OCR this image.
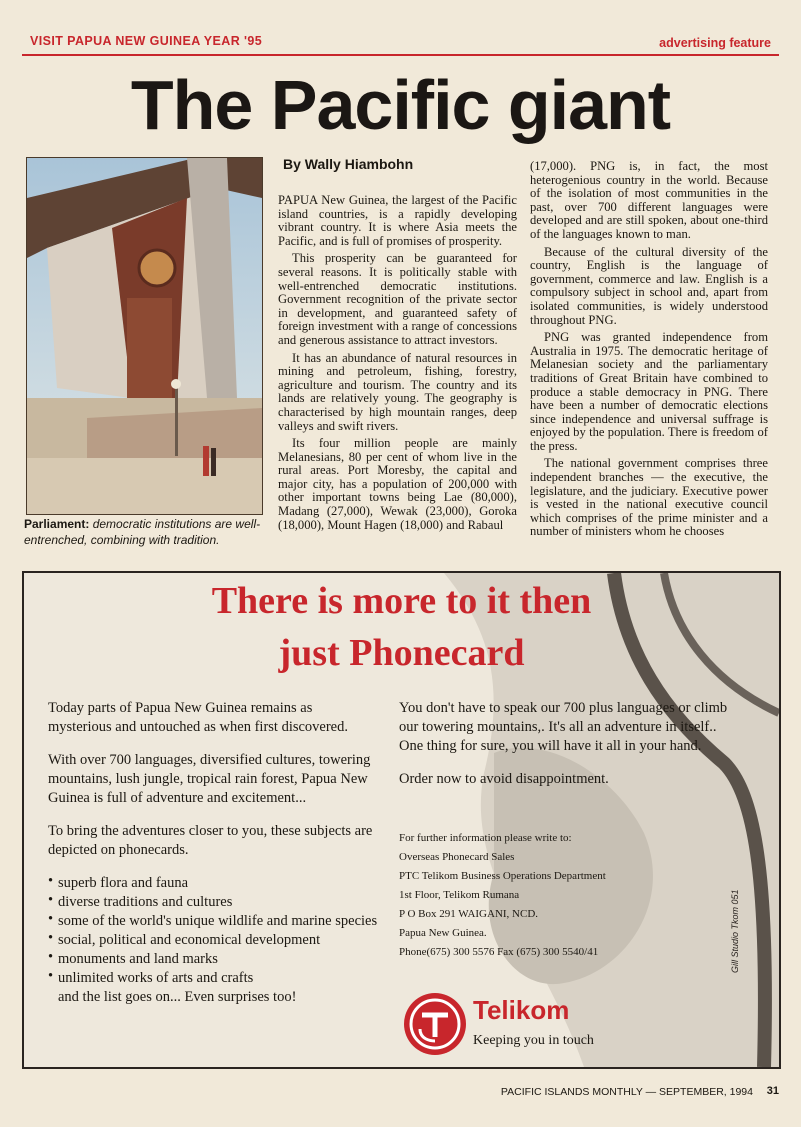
VISIT PAPUA NEW GUINEA YEAR '95	advertising feature
The Pacific giant
Parliament: democratic institutions are well-entrenched, combining with tradition.
By Wally Hiambohn

PAPUA New Guinea, the largest of the Pacific island countries, is a rapidly developing vibrant country. It is where Asia meets the Pacific, and is full of promises of prosperity.

This prosperity can be guaranteed for several reasons. It is politically stable with well-entrenched democratic institutions. Government recognition of the private sector in development, and guaranteed safety of foreign investment with a range of concessions and generous assistance to attract investors.

It has an abundance of natural resources in mining and petroleum, fishing, forestry, agriculture and tourism. The country and its lands are relatively young. The geography is characterised by high mountain ranges, deep valleys and swift rivers.

Its four million people are mainly Melanesians, 80 per cent of whom live in the rural areas. Port Moresby, the capital and major city, has a population of 200,000 with other important towns being Lae (80,000), Madang (27,000), Wewak (23,000), Goroka (18,000), Mount Hagen (18,000) and Rabaul

(17,000). PNG is, in fact, the most heterogenious country in the world. Because of the isolation of most communities in the past, over 700 different languages were developed and are still spoken, about one-third of the languages known to man.

Because of the cultural diversity of the country, English is the language of government, commerce and law. English is a compulsory subject in school and, apart from isolated communities, is widely understood throughout PNG.

PNG was granted independence from Australia in 1975. The democratic heritage of Melanesian society and the parliamentary traditions of Great Britain have combined to produce a stable democracy in PNG. There have been a number of democratic elections since independence and universal suffrage is enjoyed by the population. There is freedom of the press.

The national government comprises three independent branches — the executive, the legislature, and the judiciary. Executive power is vested in the national executive council which comprises of the prime minister and a number of ministers whom he chooses

There is more to it then
just Phonecard

Today parts of Papua New Guinea remains as mysterious and untouched as when first discovered.

With over 700 languages, diversified cultures, towering mountains, lush jungle, tropical rain forest, Papua New Guinea is full of adventure and excitement...

To bring the adventures closer to you, these subjects are depicted on phonecards.

• superb flora and fauna
• diverse traditions and cultures
• some of the world's unique wildlife and marine species
• social, political and economical development
• monuments and land marks
• unlimited works of arts and crafts
and the list goes on... Even surprises too!

You don't have to speak our 700 plus languages or climb our towering mountains,. It's all an adventure in itself.. One thing for sure, you will have it all in your hand.

Order now to avoid disappointment.

For further information please write to:
Overseas Phonecard Sales
PTC Telikom Business Operations Department
1st Floor, Telikom Rumana
P O Box 291 WAIGANI, NCD.
Papua New Guinea.
Phone(675) 300 5576 Fax (675) 300 5540/41
Telikom
Keeping you in touch
Gill Studio Tkom 051
PACIFIC ISLANDS MONTHLY — SEPTEMBER, 1994 31
